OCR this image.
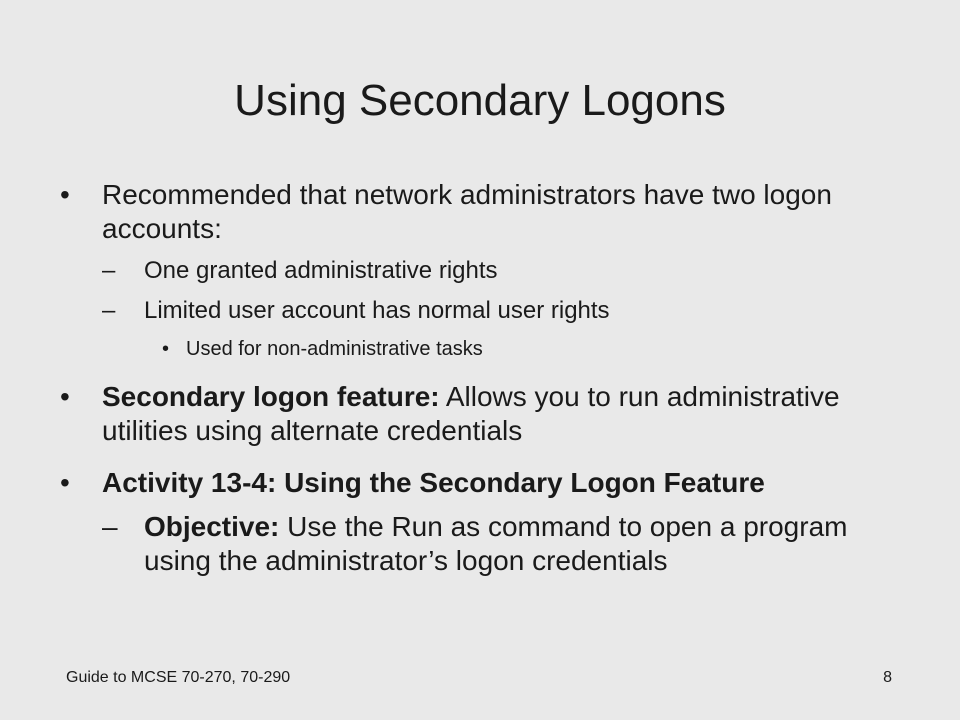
Using Secondary Logons

•	Recommended that network administrators have two logon accounts:

–	One granted administrative rights

–	Limited user account has normal user rights

• Used for non-administrative tasks

•	Secondary logon feature: Allows you to run administrative utilities using alternate credentials

•	Activity 13-4: Using the Secondary Logon Feature

– Objective: Use the Run as command to open a program using the administrator’s logon credentials

Guide to MCSE 70-270, 70-290	8
